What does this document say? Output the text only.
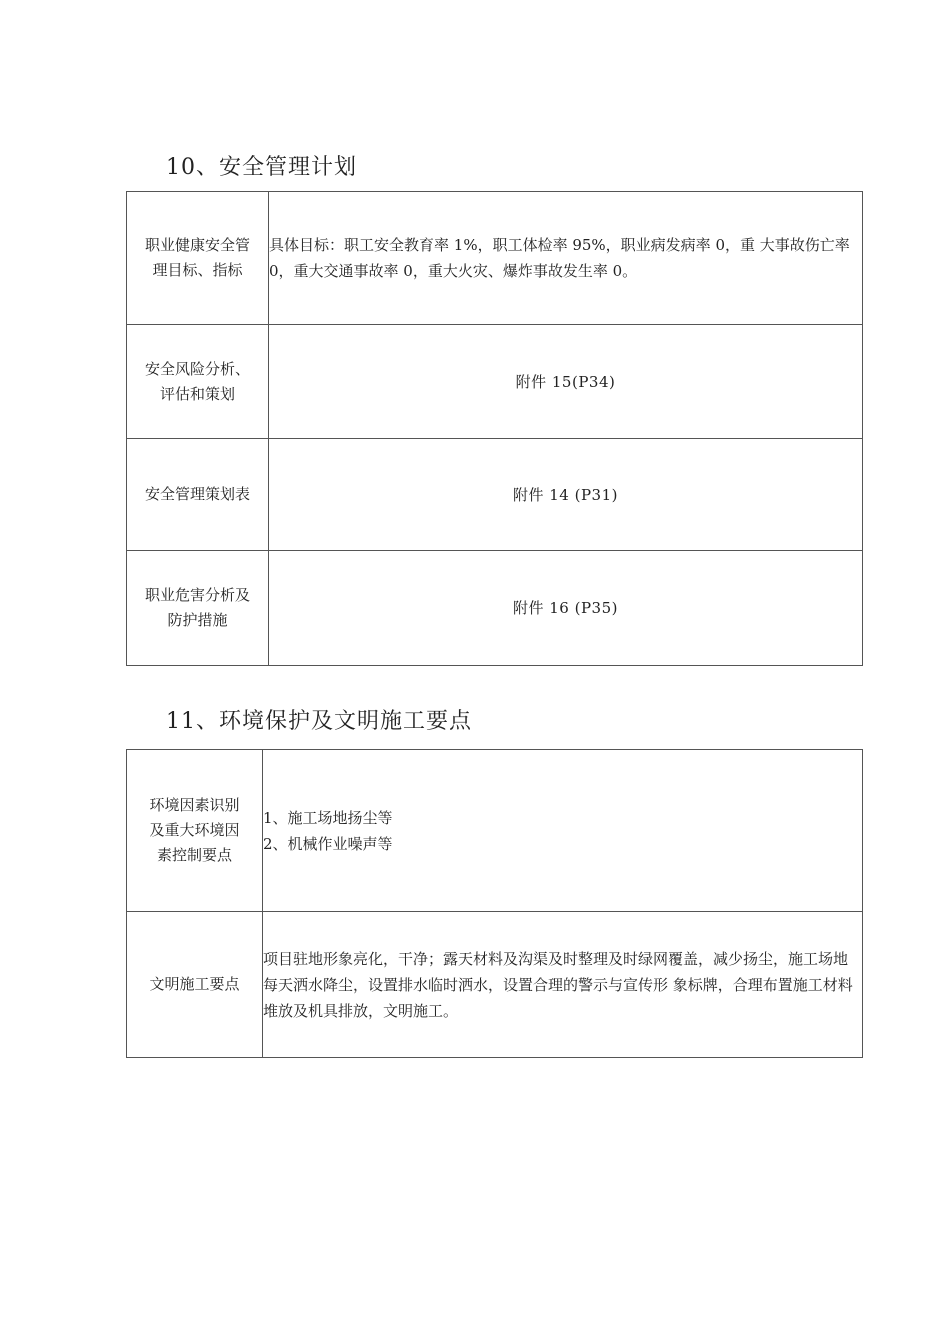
10、安全管理计划
职业健康安全管
理目标、指标	具体目标：职工安全教育率 1%，职工体检率 95%，职业病发病率 0，重 大事故伤亡率 0，重大交通事故率 0，重大火灾、爆炸事故发生率 0。

安全风险分析、
评估和策划	附件 15(P34)

安全管理策划表	附件 14 (P31)

职业危害分析及
防护措施	附件 16 (P35)
11、环境保护及文明施工要点
环境因素识别
及重大环境因
素控制要点	1、施工场地扬尘等
2、机械作业噪声等

文明施工要点	项目驻地形象亮化，干净；露天材料及沟渠及时整理及时绿网覆盖，减少扬尘，施工场地每天洒水降尘，设置排水临时洒水，设置合理的警示与宣传形 象标牌，合理布置施工材料堆放及机具排放，文明施工。
